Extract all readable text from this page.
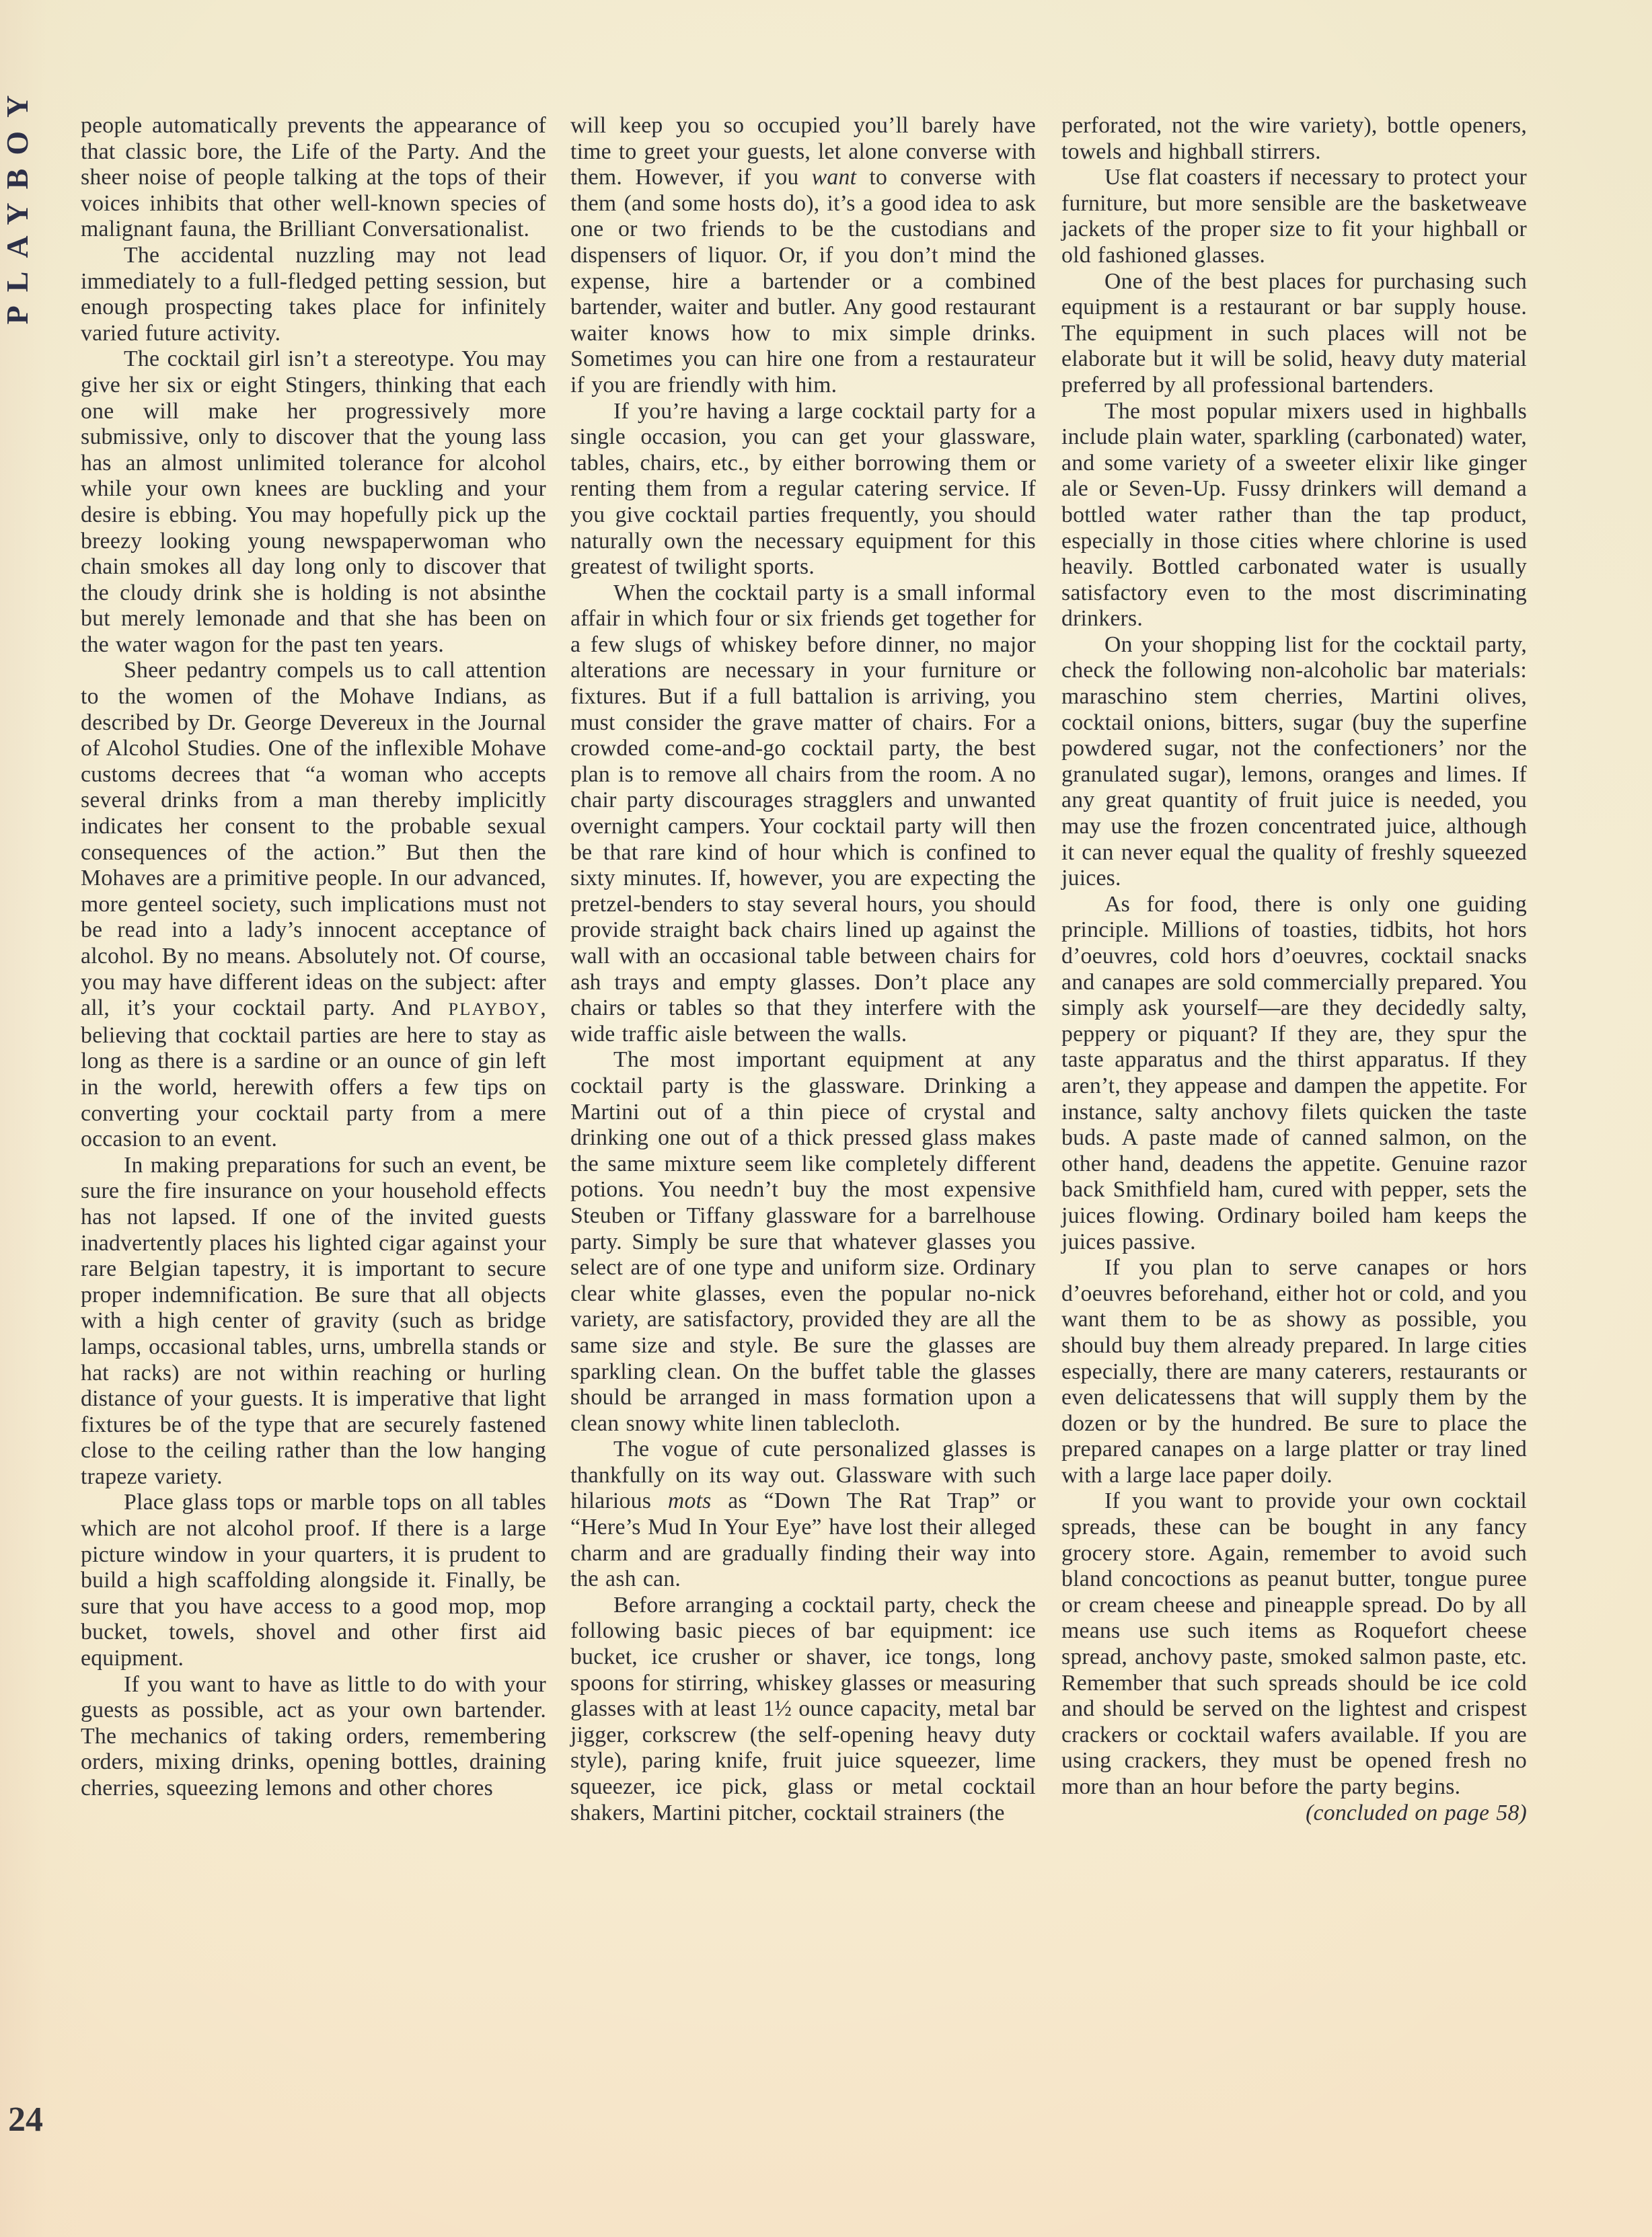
PLAYBOY
24

people automatically prevents the appearance of that classic bore, the Life of the Party. And the sheer noise of people talking at the tops of their voices inhibits that other well-known species of malignant fauna, the Brilliant Conversationalist.

The accidental nuzzling may not lead immediately to a full-fledged petting session, but enough prospecting takes place for infinitely varied future activity.

The cocktail girl isn’t a stereotype. You may give her six or eight Stingers, thinking that each one will make her progressively more submissive, only to discover that the young lass has an almost unlimited tolerance for alcohol while your own knees are buckling and your desire is ebbing. You may hopefully pick up the breezy looking young newspaperwoman who chain smokes all day long only to discover that the cloudy drink she is holding is not absinthe but merely lemonade and that she has been on the water wagon for the past ten years.

Sheer pedantry compels us to call attention to the women of the Mohave Indians, as described by Dr. George Devereux in the Journal of Alcohol Studies. One of the inflexible Mohave customs decrees that “a woman who accepts several drinks from a man thereby implicitly indicates her consent to the probable sexual consequences of the action.” But then the Mohaves are a primitive people. In our advanced, more genteel society, such implications must not be read into a lady’s innocent acceptance of alcohol. By no means. Absolutely not. Of course, you may have different ideas on the subject: after all, it’s your cocktail party. And PLAYBOY, believing that cocktail parties are here to stay as long as there is a sardine or an ounce of gin left in the world, herewith offers a few tips on converting your cocktail party from a mere occasion to an event.

In making preparations for such an event, be sure the fire insurance on your household effects has not lapsed. If one of the invited guests inadvertently places his lighted cigar against your rare Belgian tapestry, it is important to secure proper indemnification. Be sure that all objects with a high center of gravity (such as bridge lamps, occasional tables, urns, umbrella stands or hat racks) are not within reaching or hurling distance of your guests. It is imperative that light fixtures be of the type that are securely fastened close to the ceiling rather than the low hanging trapeze variety.

Place glass tops or marble tops on all tables which are not alcohol proof. If there is a large picture window in your quarters, it is prudent to build a high scaffolding alongside it. Finally, be sure that you have access to a good mop, mop bucket, towels, shovel and other first aid equipment.

If you want to have as little to do with your guests as possible, act as your own bartender. The mechanics of taking orders, remembering orders, mixing drinks, opening bottles, draining cherries, squeezing lemons and other chores

will keep you so occupied you’ll barely have time to greet your guests, let alone converse with them. However, if you want to converse with them (and some hosts do), it’s a good idea to ask one or two friends to be the custodians and dispensers of liquor. Or, if you don’t mind the expense, hire a bartender or a combined bartender, waiter and butler. Any good restaurant waiter knows how to mix simple drinks. Sometimes you can hire one from a restaurateur if you are friendly with him.

If you’re having a large cocktail party for a single occasion, you can get your glassware, tables, chairs, etc., by either borrowing them or renting them from a regular catering service. If you give cocktail parties frequently, you should naturally own the necessary equipment for this greatest of twilight sports.

When the cocktail party is a small informal affair in which four or six friends get together for a few slugs of whiskey before dinner, no major alterations are necessary in your furniture or fixtures. But if a full battalion is arriving, you must consider the grave matter of chairs. For a crowded come-and-go cocktail party, the best plan is to remove all chairs from the room. A no chair party discourages stragglers and unwanted overnight campers. Your cocktail party will then be that rare kind of hour which is confined to sixty minutes. If, however, you are expecting the pretzel-benders to stay several hours, you should provide straight back chairs lined up against the wall with an occasional table between chairs for ash trays and empty glasses. Don’t place any chairs or tables so that they interfere with the wide traffic aisle between the walls.

The most important equipment at any cocktail party is the glassware. Drinking a Martini out of a thin piece of crystal and drinking one out of a thick pressed glass makes the same mixture seem like completely different potions. You needn’t buy the most expensive Steuben or Tiffany glassware for a barrelhouse party. Simply be sure that whatever glasses you select are of one type and uniform size. Ordinary clear white glasses, even the popular no-nick variety, are satisfactory, provided they are all the same size and style. Be sure the glasses are sparkling clean. On the buffet table the glasses should be arranged in mass formation upon a clean snowy white linen tablecloth.

The vogue of cute personalized glasses is thankfully on its way out. Glassware with such hilarious mots as “Down The Rat Trap” or “Here’s Mud In Your Eye” have lost their alleged charm and are gradually finding their way into the ash can.

Before arranging a cocktail party, check the following basic pieces of bar equipment: ice bucket, ice crusher or shaver, ice tongs, long spoons for stirring, whiskey glasses or measuring glasses with at least 1½ ounce capacity, metal bar jigger, corkscrew (the self-opening heavy duty style), paring knife, fruit juice squeezer, lime squeezer, ice pick, glass or metal cocktail shakers, Martini pitcher, cocktail strainers (the

perforated, not the wire variety), bottle openers, towels and highball stirrers.

Use flat coasters if necessary to protect your furniture, but more sensible are the basketweave jackets of the proper size to fit your highball or old fashioned glasses.

One of the best places for purchasing such equipment is a restaurant or bar supply house. The equipment in such places will not be elaborate but it will be solid, heavy duty material preferred by all professional bartenders.

The most popular mixers used in highballs include plain water, sparkling (carbonated) water, and some variety of a sweeter elixir like ginger ale or Seven-Up. Fussy drinkers will demand a bottled water rather than the tap product, especially in those cities where chlorine is used heavily. Bottled carbonated water is usually satisfactory even to the most discriminating drinkers.

On your shopping list for the cocktail party, check the following non-alcoholic bar materials: maraschino stem cherries, Martini olives, cocktail onions, bitters, sugar (buy the superfine powdered sugar, not the confectioners’ nor the granulated sugar), lemons, oranges and limes. If any great quantity of fruit juice is needed, you may use the frozen concentrated juice, although it can never equal the quality of freshly squeezed juices.

As for food, there is only one guiding principle. Millions of toasties, tidbits, hot hors d’oeuvres, cold hors d’oeuvres, cocktail snacks and canapes are sold commercially prepared. You simply ask yourself—are they decidedly salty, peppery or piquant? If they are, they spur the taste apparatus and the thirst apparatus. If they aren’t, they appease and dampen the appetite. For instance, salty anchovy filets quicken the taste buds. A paste made of canned salmon, on the other hand, deadens the appetite. Genuine razor back Smithfield ham, cured with pepper, sets the juices flowing. Ordinary boiled ham keeps the juices passive.

If you plan to serve canapes or hors d’oeuvres beforehand, either hot or cold, and you want them to be as showy as possible, you should buy them already prepared. In large cities especially, there are many caterers, restaurants or even delicatessens that will supply them by the dozen or by the hundred. Be sure to place the prepared canapes on a large platter or tray lined with a large lace paper doily.

If you want to provide your own cocktail spreads, these can be bought in any fancy grocery store. Again, remember to avoid such bland concoctions as peanut butter, tongue puree or cream cheese and pineapple spread. Do by all means use such items as Roquefort cheese spread, anchovy paste, smoked salmon paste, etc. Remember that such spreads should be ice cold and should be served on the lightest and crispest crackers or cocktail wafers available. If you are using crackers, they must be opened fresh no more than an hour before the party begins.

(concluded on page 58)
